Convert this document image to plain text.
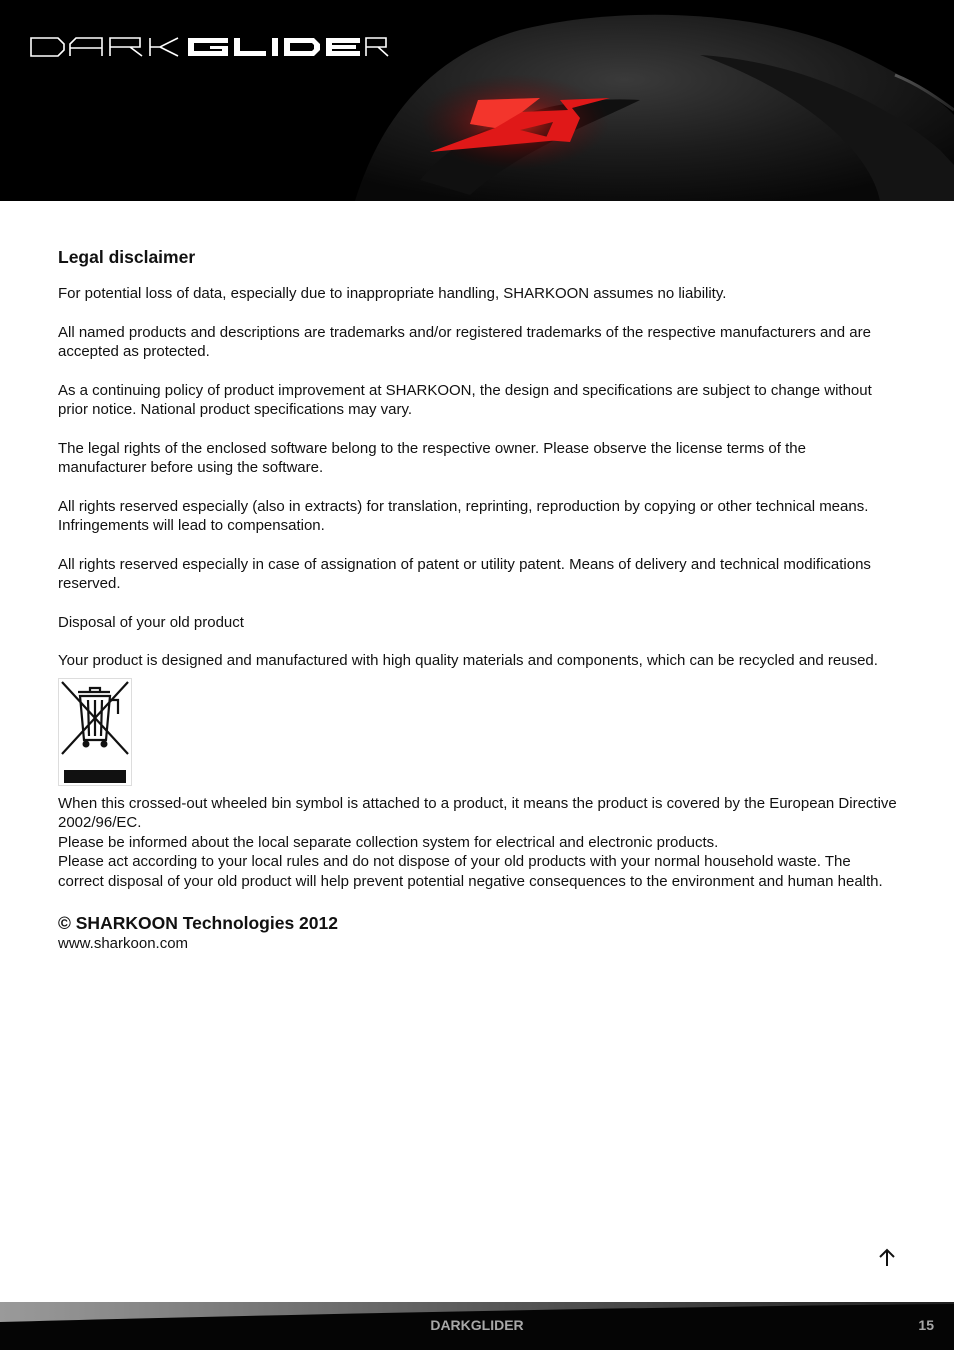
Legal disclaimer

For potential loss of data, especially due to inappropriate handling, SHARKOON assumes no liability.

All named products and descriptions are trademarks and/or registered trademarks of the respective manufacturers and are accepted as protected.

As a continuing policy of product improvement at SHARKOON, the design and specifications are subject to change without prior notice. National product specifications may vary.

The legal rights of the enclosed software belong to the respective owner. Please observe the license terms of the manufacturer before using the software.

All rights reserved especially (also in extracts) for translation, reprinting, reproduction by copying or other technical means. Infringements will lead to compensation.

All rights reserved especially in case of assignation of patent or utility patent. Means of delivery and technical modifications reserved.

Disposal of your old product

Your product is designed and manufactured with high quality materials and components, which can be recycled and reused.

When this crossed-out wheeled bin symbol is attached to a product, it means the product is covered by the European Directive 2002/96/EC.

Please be informed about the local separate collection system for electrical and electronic products.

Please act according to your local rules and do not dispose of your old products with your normal household waste. The correct disposal of your old product will help prevent potential negative consequences to the environment and human health.

© SHARKOON Technologies 2012

www.sharkoon.com

DARKGLIDER	15
